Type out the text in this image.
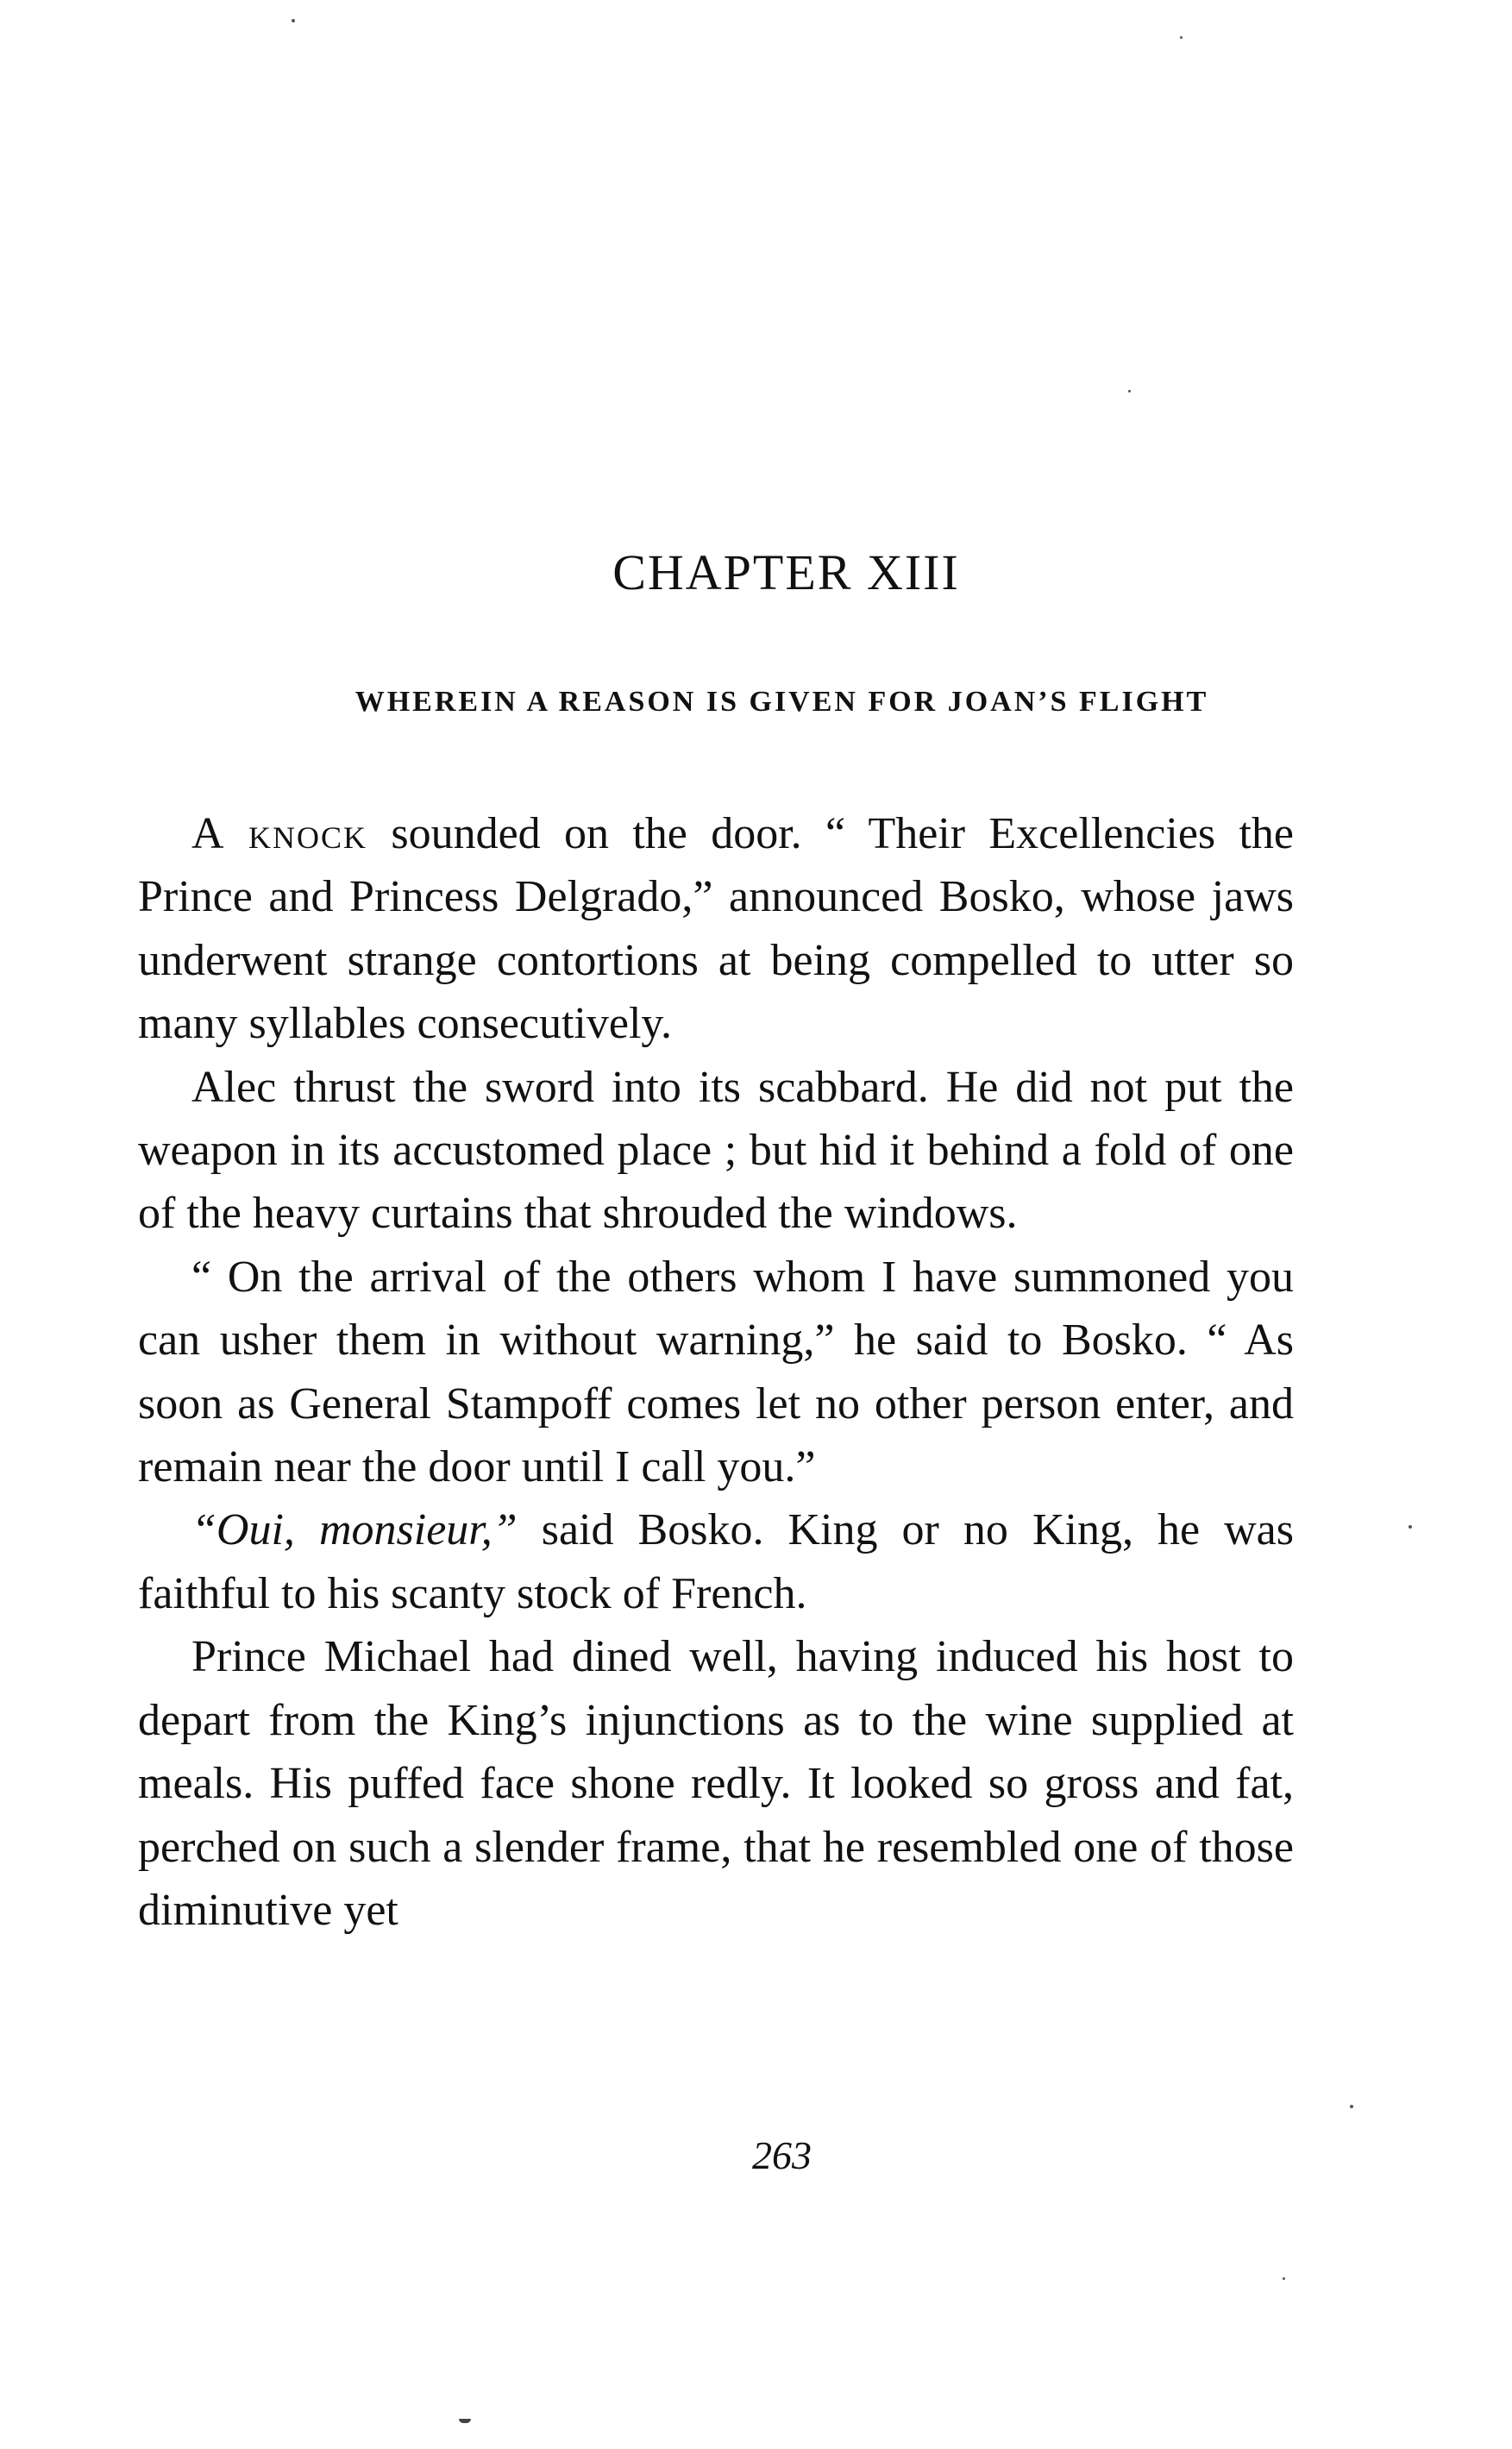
CHAPTER XIII
WHEREIN A REASON IS GIVEN FOR JOAN’S FLIGHT

A knock sounded on the door. “ Their Excellencies the Prince and Princess Delgrado,” announced Bosko, whose jaws underwent strange contortions at being compelled to utter so many syllables consecutively.

Alec thrust the sword into its scabbard. He did not put the weapon in its accustomed place ; but hid it behind a fold of one of the heavy curtains that shrouded the windows.

“ On the arrival of the others whom I have summoned you can usher them in without warning,” he said to Bosko. “ As soon as General Stampoff comes let no other person enter, and remain near the door until I call you.”

“Oui, monsieur,” said Bosko. King or no King, he was faithful to his scanty stock of French.

Prince Michael had dined well, having induced his host to depart from the King’s injunctions as to the wine supplied at meals. His puffed face shone redly. It looked so gross and fat, perched on such a slender frame, that he resembled one of those diminutive yet

263
